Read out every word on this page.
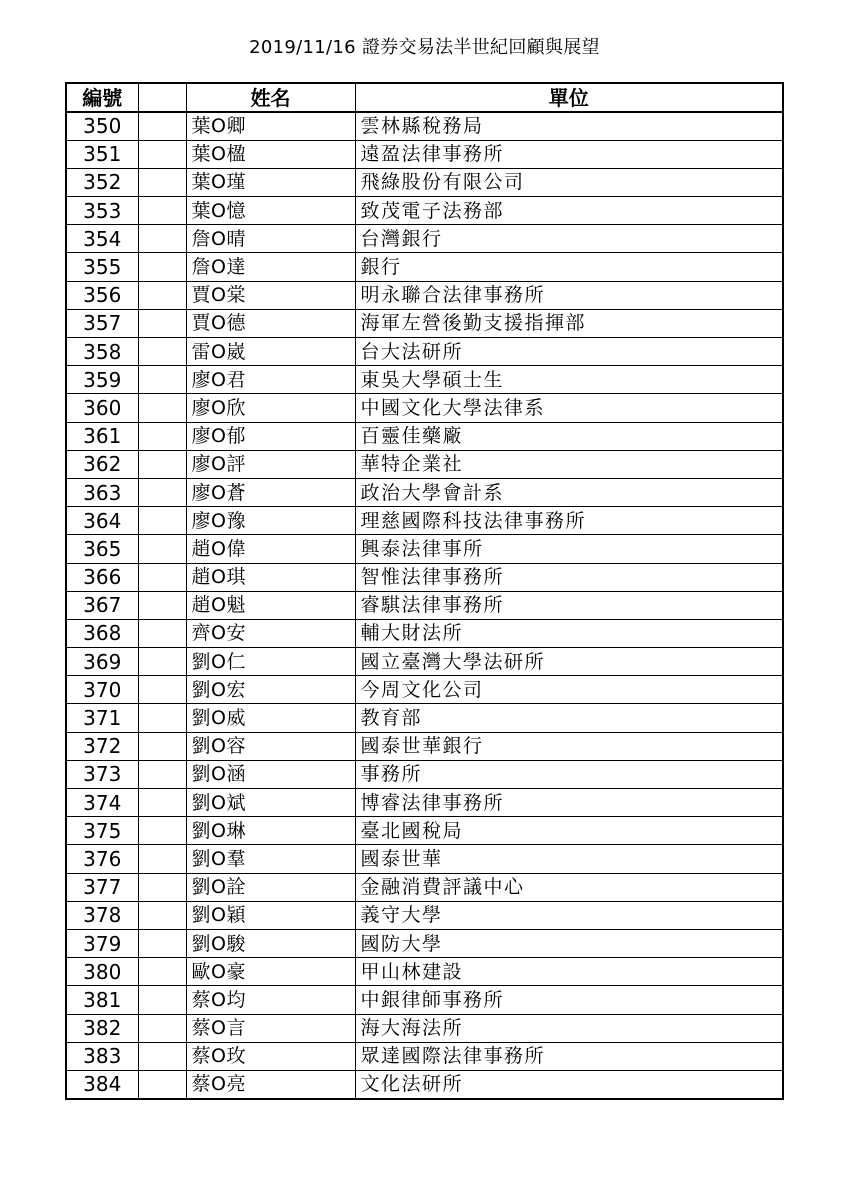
2019/11/16 證券交易法半世紀回顧與展望
編號		姓名	單位
350		葉O卿	雲林縣稅務局
351		葉O楹	遠盈法律事務所
352		葉O瑾	飛綠股份有限公司
353		葉O憶	致茂電子法務部
354		詹O晴	台灣銀行
355		詹O達	銀行
356		賈O棠	明永聯合法律事務所
357		賈O德	海軍左營後勤支援指揮部
358		雷O崴	台大法研所
359		廖O君	東吳大學碩士生
360		廖O欣	中國文化大學法律系
361		廖O郁	百靈佳藥廠
362		廖O評	華特企業社
363		廖O蒼	政治大學會計系
364		廖O豫	理慈國際科技法律事務所
365		趙O偉	興泰法律事所
366		趙O琪	智惟法律事務所
367		趙O魁	睿騏法律事務所
368		齊O安	輔大財法所
369		劉O仁	國立臺灣大學法研所
370		劉O宏	今周文化公司
371		劉O威	教育部
372		劉O容	國泰世華銀行
373		劉O涵	事務所
374		劉O斌	博睿法律事務所
375		劉O琳	臺北國稅局
376		劉O羣	國泰世華
377		劉O詮	金融消費評議中心
378		劉O穎	義守大學
379		劉O駿	國防大學
380		歐O豪	甲山林建設
381		蔡O均	中銀律師事務所
382		蔡O言	海大海法所
383		蔡O玫	眾達國際法律事務所
384		蔡O亮	文化法研所
